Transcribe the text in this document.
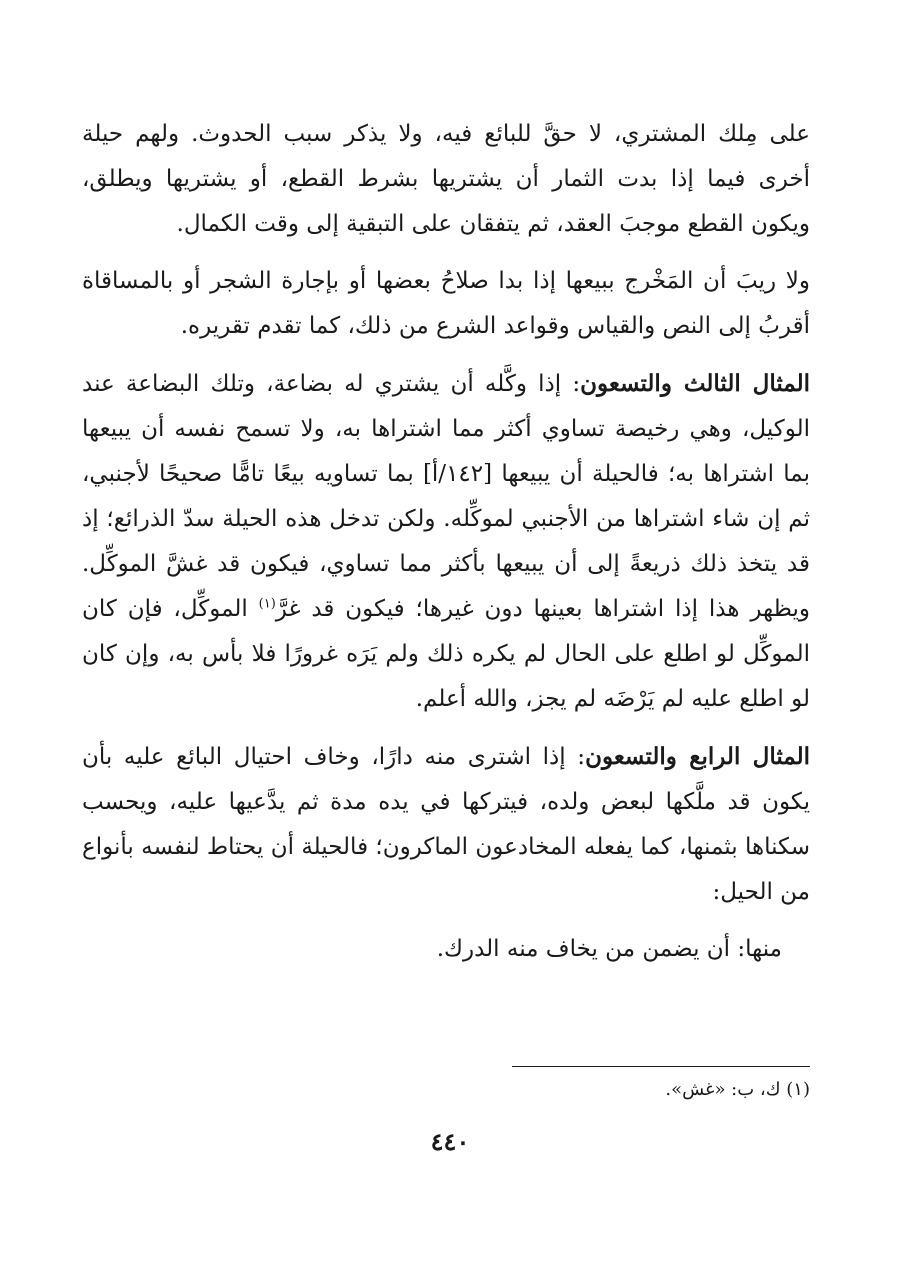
على مِلك المشتري، لا حقَّ للبائع فيه، ولا يذكر سبب الحدوث. ولهم حيلة أخرى فيما إذا بدت الثمار أن يشتريها بشرط القطع، أو يشتريها ويطلق، ويكون القطع موجبَ العقد، ثم يتفقان على التبقية إلى وقت الكمال.

ولا ريبَ أن المَخْرج ببيعها إذا بدا صلاحُ بعضها أو بإجارة الشجر أو بالمساقاة أقربُ إلى النص والقياس وقواعد الشرع من ذلك، كما تقدم تقريره.

المثال الثالث والتسعون: إذا وكَّله أن يشتري له بضاعة، وتلك البضاعة عند الوكيل، وهي رخيصة تساوي أكثر مما اشتراها به، ولا تسمح نفسه أن يبيعها بما اشتراها به؛ فالحيلة أن يبيعها [١٤٢/أ] بما تساويه بيعًا تامًّا صحيحًا لأجنبي، ثم إن شاء اشتراها من الأجنبي لموكِّله. ولكن تدخل هذه الحيلة سدّ الذرائع؛ إذ قد يتخذ ذلك ذريعةً إلى أن يبيعها بأكثر مما تساوي، فيكون قد غشَّ الموكِّل. ويظهر هذا إذا اشتراها بعينها دون غيرها؛ فيكون قد غرَّ$^{(١)}$ الموكِّل، فإن كان الموكِّل لو اطلع على الحال لم يكره ذلك ولم يَرَه غرورًا فلا بأس به، وإن كان لو اطلع عليه لم يَرْضَه لم يجز، والله أعلم.

المثال الرابع والتسعون: إذا اشترى منه دارًا، وخاف احتيال البائع عليه بأن يكون قد ملَّكها لبعض ولده، فيتركها في يده مدة ثم يدَّعيها عليه، ويحسب سكناها بثمنها، كما يفعله المخادعون الماكرون؛ فالحيلة أن يحتاط لنفسه بأنواع من الحيل:

منها: أن يضمن من يخاف منه الدرك.

(١) ك، ب: «غش».
٤٤٠
